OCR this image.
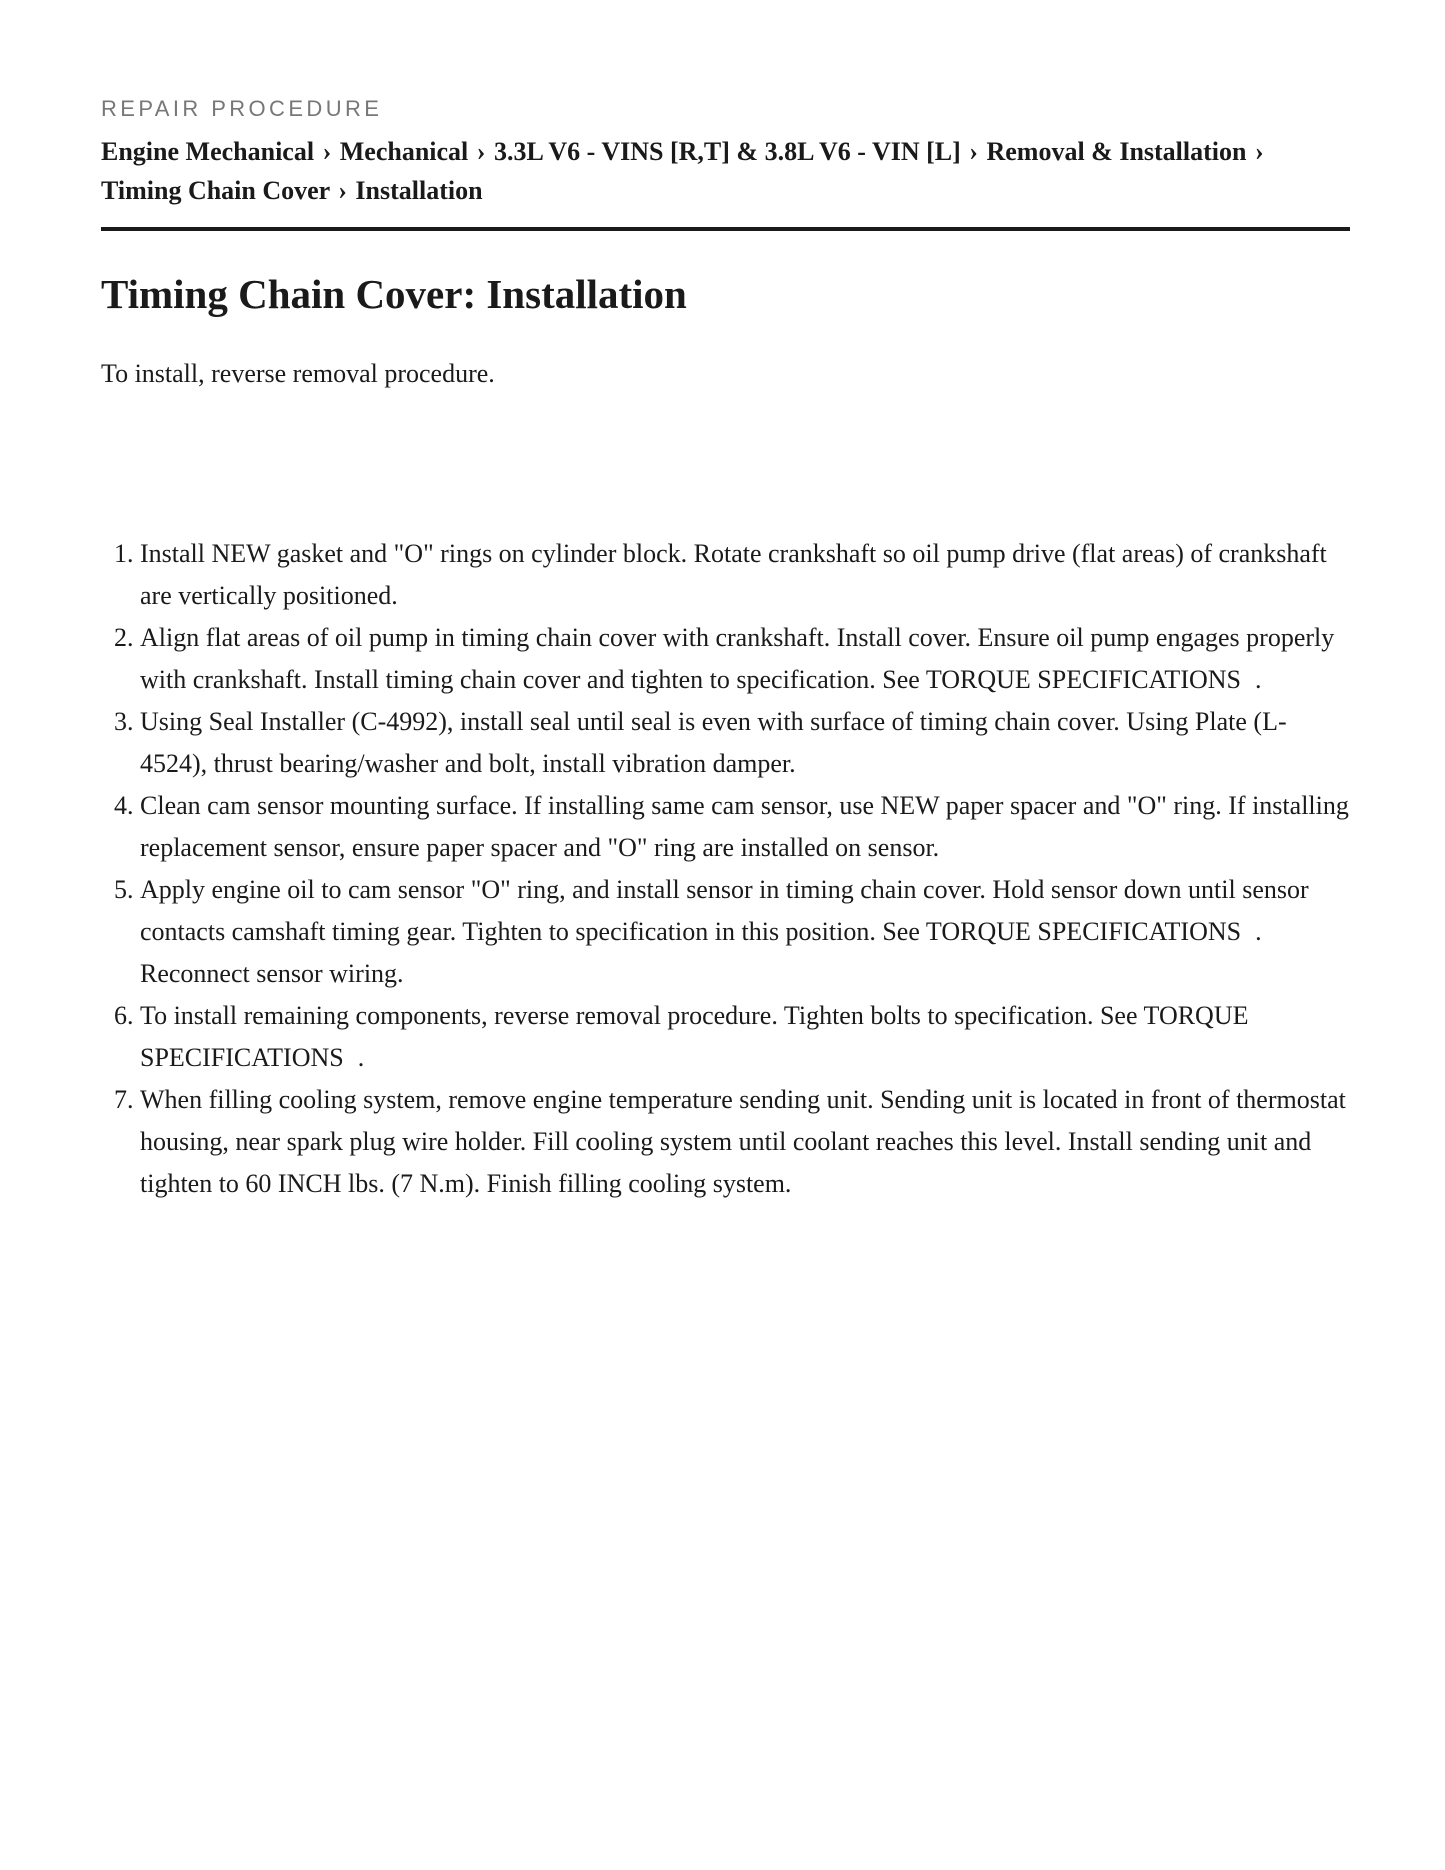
REPAIR PROCEDURE
Engine Mechanical › Mechanical › 3.3L V6 - VINS [R,T] & 3.8L V6 - VIN [L] › Removal & Installation › Timing Chain Cover › Installation
Timing Chain Cover: Installation

To install, reverse removal procedure.

1. Install NEW gasket and "O" rings on cylinder block. Rotate crankshaft so oil pump drive (flat areas) of crankshaft are vertically positioned.
2. Align flat areas of oil pump in timing chain cover with crankshaft. Install cover. Ensure oil pump engages properly with crankshaft. Install timing chain cover and tighten to specification. See TORQUE SPECIFICATIONS .
3. Using Seal Installer (C-4992), install seal until seal is even with surface of timing chain cover. Using Plate (L-4524), thrust bearing/washer and bolt, install vibration damper.
4. Clean cam sensor mounting surface. If installing same cam sensor, use NEW paper spacer and "O" ring. If installing replacement sensor, ensure paper spacer and "O" ring are installed on sensor.
5. Apply engine oil to cam sensor "O" ring, and install sensor in timing chain cover. Hold sensor down until sensor contacts camshaft timing gear. Tighten to specification in this position. See TORQUE SPECIFICATIONS . Reconnect sensor wiring.
6. To install remaining components, reverse removal procedure. Tighten bolts to specification. See TORQUE SPECIFICATIONS .
7. When filling cooling system, remove engine temperature sending unit. Sending unit is located in front of thermostat housing, near spark plug wire holder. Fill cooling system until coolant reaches this level. Install sending unit and tighten to 60 INCH lbs. (7 N.m). Finish filling cooling system.
